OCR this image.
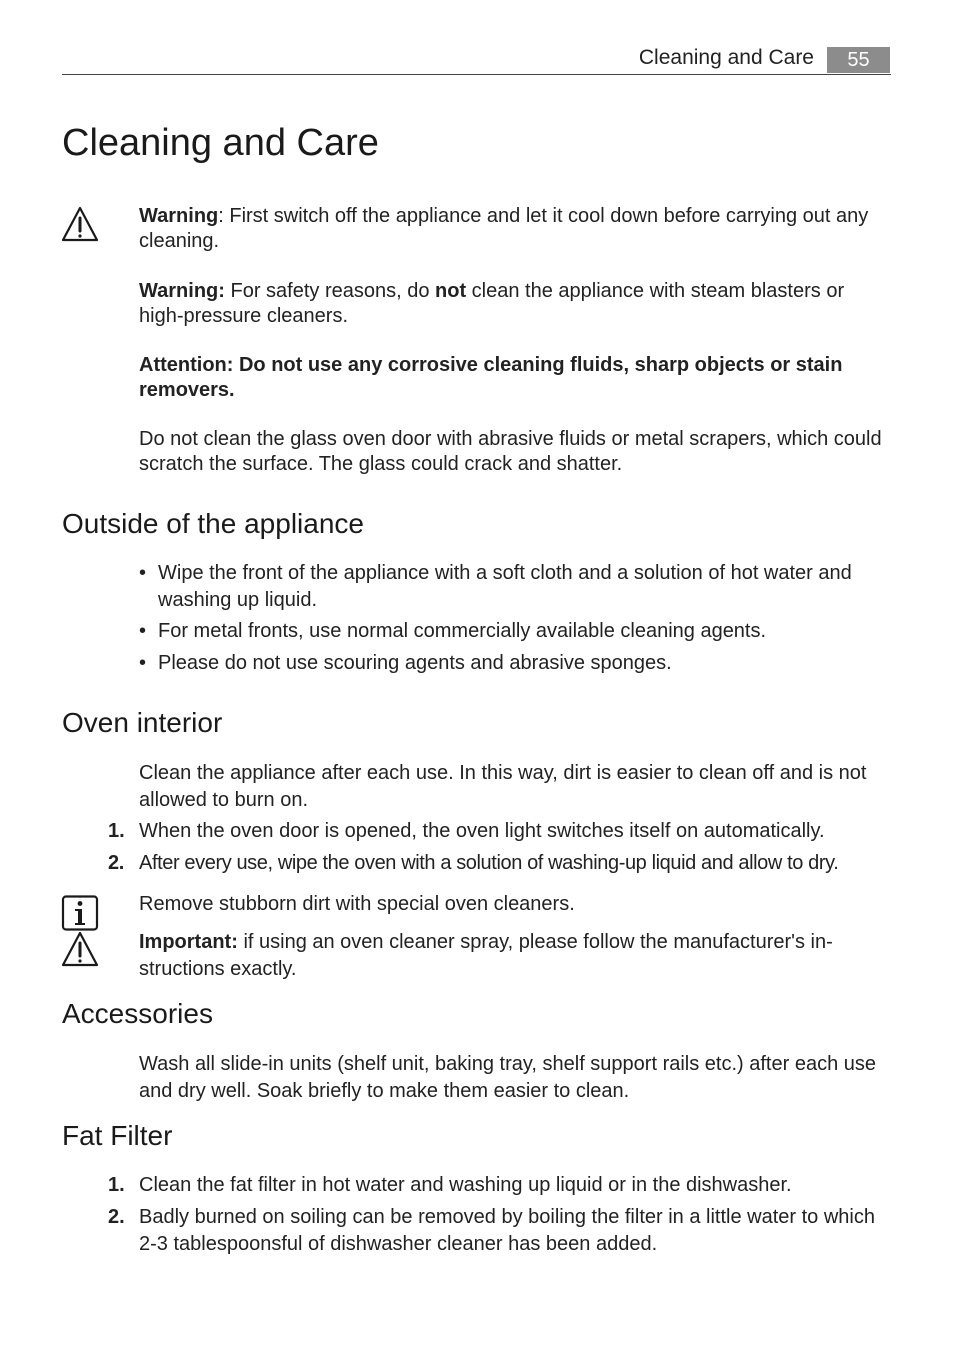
Cleaning and Care	55
Cleaning and Care

Warning: First switch off the appliance and let it cool down before carrying out any cleaning.

Warning: For safety reasons, do not clean the appliance with steam blasters or high-pressure cleaners.

Attention: Do not use any corrosive cleaning fluids, sharp objects or stain removers.

Do not clean the glass oven door with abrasive fluids or metal scrapers, which could scratch the surface. The glass could crack and shatter.

Outside of the appliance

• Wipe the front of the appliance with a soft cloth and a solution of hot water and washing up liquid.

• For metal fronts, use normal commercially available cleaning agents.

• Please do not use scouring agents and abrasive sponges.

Oven interior

Clean the appliance after each use. In this way, dirt is easier to clean off and is not allowed to burn on.

1. When the oven door is opened, the oven light switches itself on automatically.

2. After every use, wipe the oven with a solution of washing-up liquid and allow to dry.

Remove stubborn dirt with special oven cleaners.

Important: if using an oven cleaner spray, please follow the manufacturer's in-structions exactly.

Accessories

Wash all slide-in units (shelf unit, baking tray, shelf support rails etc.) after each use and dry well. Soak briefly to make them easier to clean.

Fat Filter

1. Clean the fat filter in hot water and washing up liquid or in the dishwasher.

2. Badly burned on soiling can be removed by boiling the filter in a little water to which 2-3 tablespoonsful of dishwasher cleaner has been added.
